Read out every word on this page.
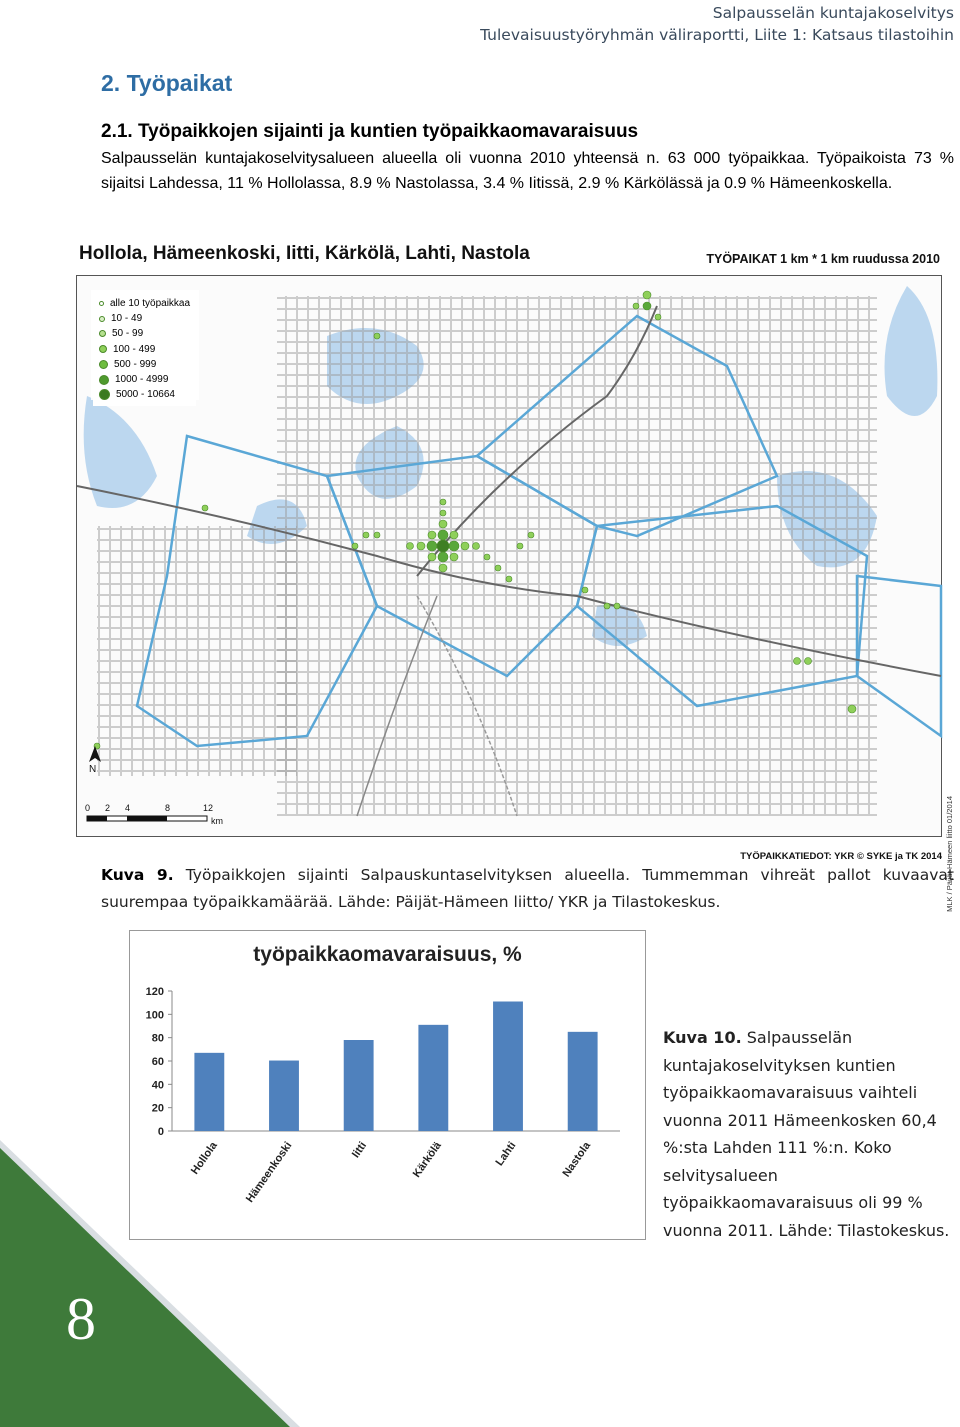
Salpausselän kuntajakoselvitys
Tulevaisuustyöryhmän väliraportti, Liite 1: Katsaus tilastoihin
2. Työpaikat
2.1. Työpaikkojen sijainti ja kuntien työpaikkaomavaraisuus
Salpausselän kuntajakoselvitysalueen alueella oli vuonna 2010 yhteensä n. 63 000 työpaikkaa. Työpaikoista 73 % sijaitsi Lahdessa, 11 % Hollolassa, 8.9 % Nastolassa, 3.4 % Iitissä, 2.9 % Kärkölässä ja 0.9 % Hämeenkoskella.
Hollola, Hämeenkoski, Iitti, Kärkölä, Lahti, Nastola	TYÖPAIKAT 1 km * 1 km ruudussa 2010
N
0 2 4	8	12
km
alle 10 työpaikkaa
10 - 49
50 - 99
100 - 499
500 - 999
1000 - 4999
5000 - 10664
MLK / Päijät-Hämeen liitto 01/2014
TYÖPAIKKATIEDOT: YKR © SYKE ja TK 2014
Kuva 9. Työpaikkojen sijainti Salpauskuntaselvityksen alueella. Tummemman vihreät pallot kuvaavat suurempaa työpaikkamäärää. Lähde: Päijät-Hämeen liitto/ YKR ja Tilastokeskus.
työpaikkaomavaraisuus, %
0
20
40
60
80
100
120
Hollola Hämeenkoski	Iitti	Kärkölä	Lahti	Nastola
Kuva 10. Salpausselän kuntajakoselvityksen kuntien työpaikkaomavaraisuus vaihteli vuonna 2011 Hämeenkosken 60,4 %:sta Lahden 111 %:n. Koko selvitysalueen työpaikkaomavaraisuus oli 99 % vuonna 2011. Lähde: Tilastokeskus.
8
